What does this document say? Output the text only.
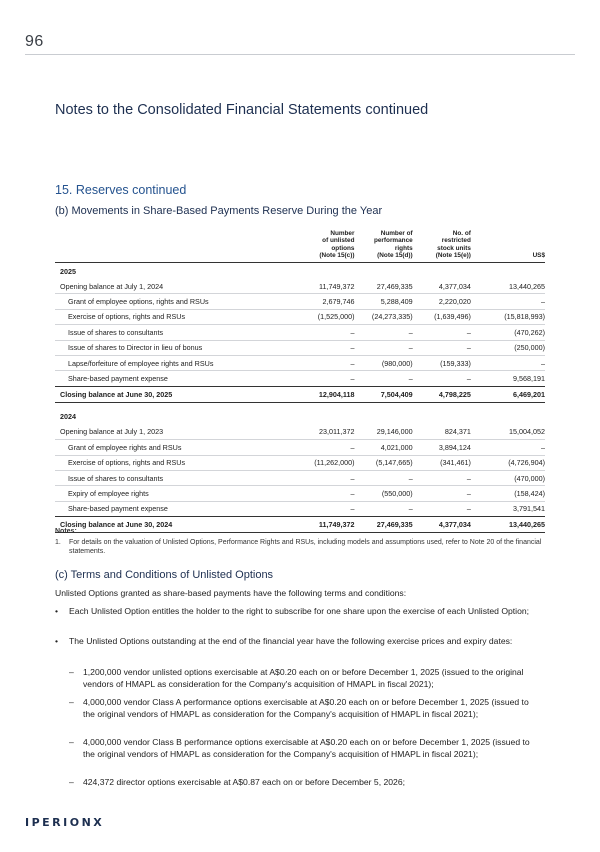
96
Notes to the Consolidated Financial Statements continued
15. Reserves continued
(b) Movements in Share-Based Payments Reserve During the Year
	Number
of unlisted
options
(Note 15(c))	Number of
performance
rights
(Note 15(d))	No. of
restricted
stock units
(Note 15(e))	US$
2025				
Opening balance at July 1, 2024	11,749,372	27,469,335	4,377,034	13,440,265
Grant of employee options, rights and RSUs	2,679,746	5,288,409	2,220,020	–
Exercise of options, rights and RSUs	(1,525,000)	(24,273,335)	(1,639,496)	(15,818,993)
Issue of shares to consultants	–	–	–	(470,262)
Issue of shares to Director in lieu of bonus	–	–	–	(250,000)
Lapse/forfeiture of employee rights and RSUs	–	(980,000)	(159,333)	–
Share-based payment expense	–	–	–	9,568,191
Closing balance at June 30, 2025	12,904,118	7,504,409	4,798,225	6,469,201

2024				
Opening balance at July 1, 2023	23,011,372	29,146,000	824,371	15,004,052
Grant of employee rights and RSUs	–	4,021,000	3,894,124	–
Exercise of options, rights and RSUs	(11,262,000)	(5,147,665)	(341,461)	(4,726,904)
Issue of shares to consultants	–	–	–	(470,000)
Expiry of employee rights	–	(550,000)	–	(158,424)
Share-based payment expense	–	–	–	3,791,541
Closing balance at June 30, 2024	11,749,372	27,469,335	4,377,034	13,440,265
Notes:
1. For details on the valuation of Unlisted Options, Performance Rights and RSUs, including models and assumptions used, refer to Note 20 of the financial statements.
(c) Terms and Conditions of Unlisted Options
Unlisted Options granted as share-based payments have the following terms and conditions:
• Each Unlisted Option entitles the holder to the right to subscribe for one share upon the exercise of each Unlisted Option;
• The Unlisted Options outstanding at the end of the financial year have the following exercise prices and expiry dates:
– 1,200,000 vendor unlisted options exercisable at A$0.20 each on or before December 1, 2025 (issued to the original vendors of HMAPL as consideration for the Company's acquisition of HMAPL in fiscal 2021);
– 4,000,000 vendor Class A performance options exercisable at A$0.20 each on or before December 1, 2025 (issued to the original vendors of HMAPL as consideration for the Company's acquisition of HMAPL in fiscal 2021);
– 4,000,000 vendor Class B performance options exercisable at A$0.20 each on or before December 1, 2025 (issued to the original vendors of HMAPL as consideration for the Company's acquisition of HMAPL in fiscal 2021);
– 424,372 director options exercisable at A$0.87 each on or before December 5, 2026;
IPERIONX
